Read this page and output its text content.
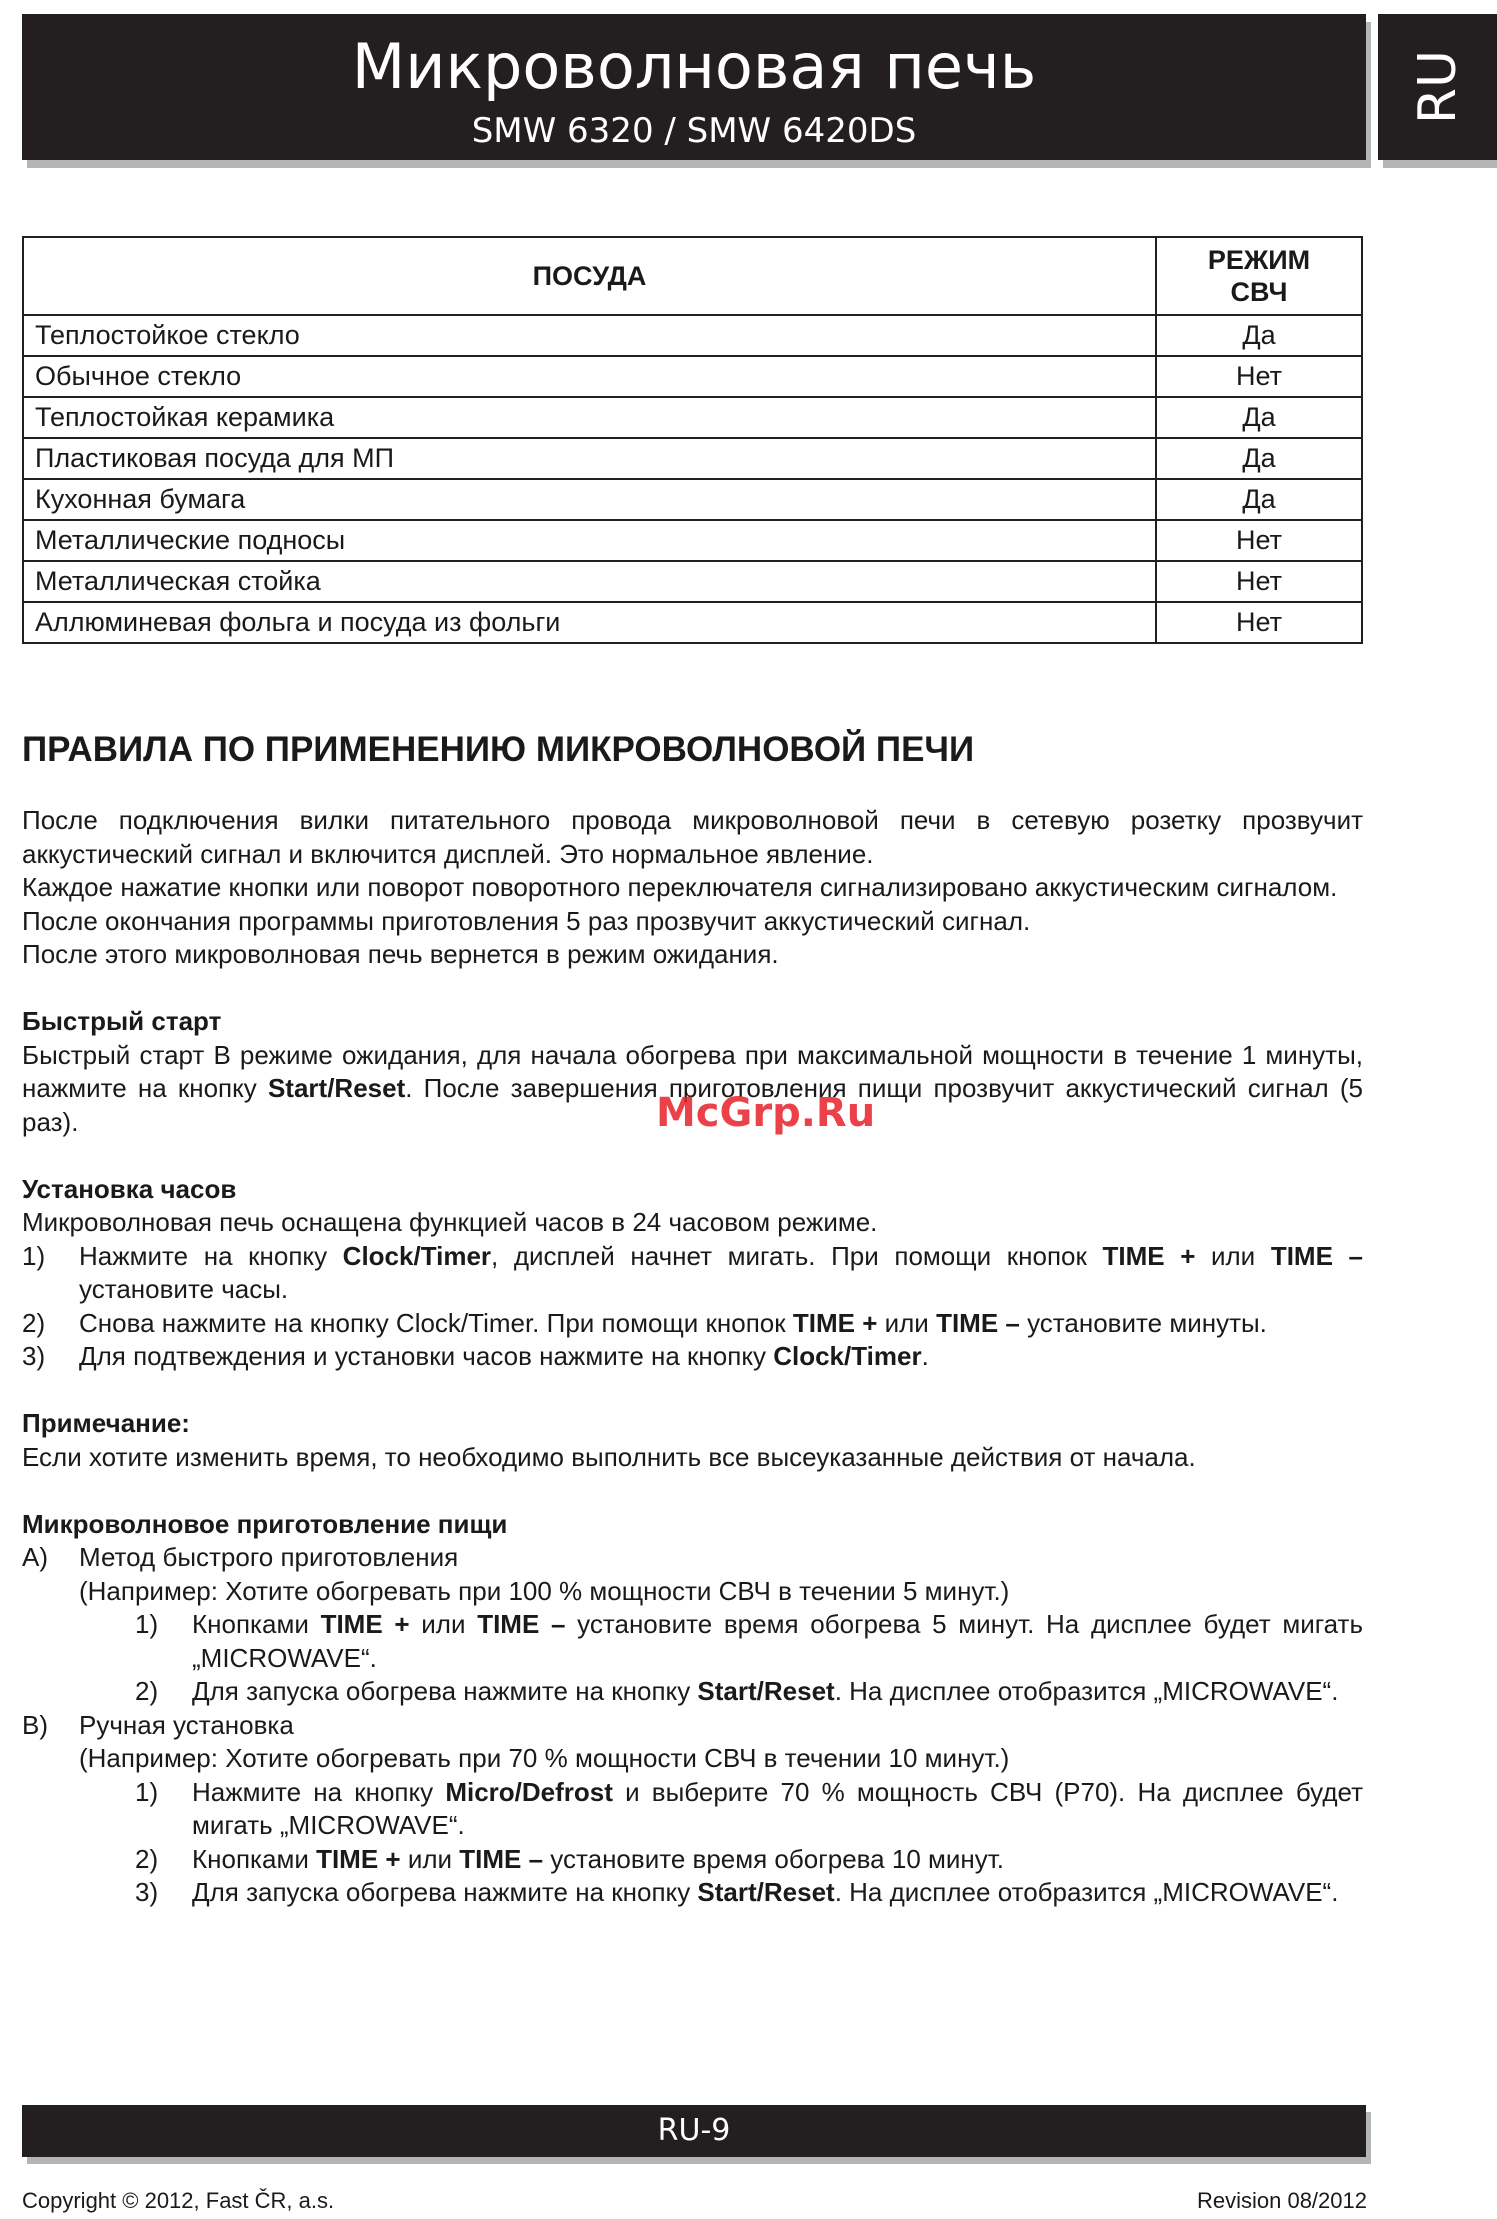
Микроволновая печь
SMW 6320 / SMW 6420DS
RU
ПОСУДА	РЕЖИМ СВЧ
Теплостойкое стекло	Да
Обычное стекло	Нет
Теплостойкая керамика	Да
Пластиковая посуда для МП	Да
Кухонная бумага	Да
Металлические подносы	Нет
Металлическая стойка	Нет
Аллюминевая фольга и посуда из фольги	Нет
ПРАВИЛА ПО ПРИМЕНЕНИЮ МИКРОВОЛНОВОЙ ПЕЧИ

После подключения вилки питательного провода микроволновой печи в сетевую розетку прозвучит аккустический сигнал и включится дисплей. Это нормальное явление.

Каждое нажатие кнопки или поворот поворотного переключателя сигнализировано аккустическим сигналом.

После окончания программы приготовления 5 раз прозвучит аккустический сигнал.

После этого микроволновая печь вернется в режим ожидания.

Быстрый старт

Быстрый старт В режиме ожидания, для начала обогрева при максимальной мощности в течение 1 минуты, нажмите на кнопку Start/Reset. После завершения приготовления пищи прозвучит аккустический сигнал (5 раз).

Установка часов

Микроволновая печь оснащена функцией часов в 24 часовом режиме.

1)	Нажмите на кнопку Clock/Timer, дисплей начнет мигать. При помощи кнопок TIME + или TIME – установите часы.
2)	Снова нажмите на кнопку Clock/Timer. При помощи кнопок TIME + или TIME – установите минуты.
3)	Для подтвеждения и установки часов нажмите на кнопку Clock/Timer.

Примечание:

Если хотите изменить время, то необходимо выполнить все высеуказанные действия от начала.

Микроволновое приготовление пищи

A)	Метод быстрого приготовления

(Например: Хотите обогревать при 100 % мощности СВЧ в течении 5 минут.)

1)	Кнопками TIME + или TIME – установите время обогрева 5 минут. На дисплее будет мигать „MICROWAVE“.
2)	Для запуска обогрева нажмите на кнопку Start/Reset. На дисплее отобразится „MICROWAVE“.
B)	Ручная установка

(Например: Хотите обогревать при 70 % мощности СВЧ в течении 10 минут.)

1)	Нажмите на кнопку Micro/Defrost и выберите 70 % мощность СВЧ (P70). На дисплее будет мигать „MICROWAVE“.
2)	Кнопками TIME + или TIME – установите время обогрева 10 минут.
3)	Для запуска обогрева нажмите на кнопку Start/Reset. На дисплее отобразится „MICROWAVE“.
McGrp.Ru
RU-9
Copyright © 2012, Fast ČR, a.s.	Revision 08/2012
